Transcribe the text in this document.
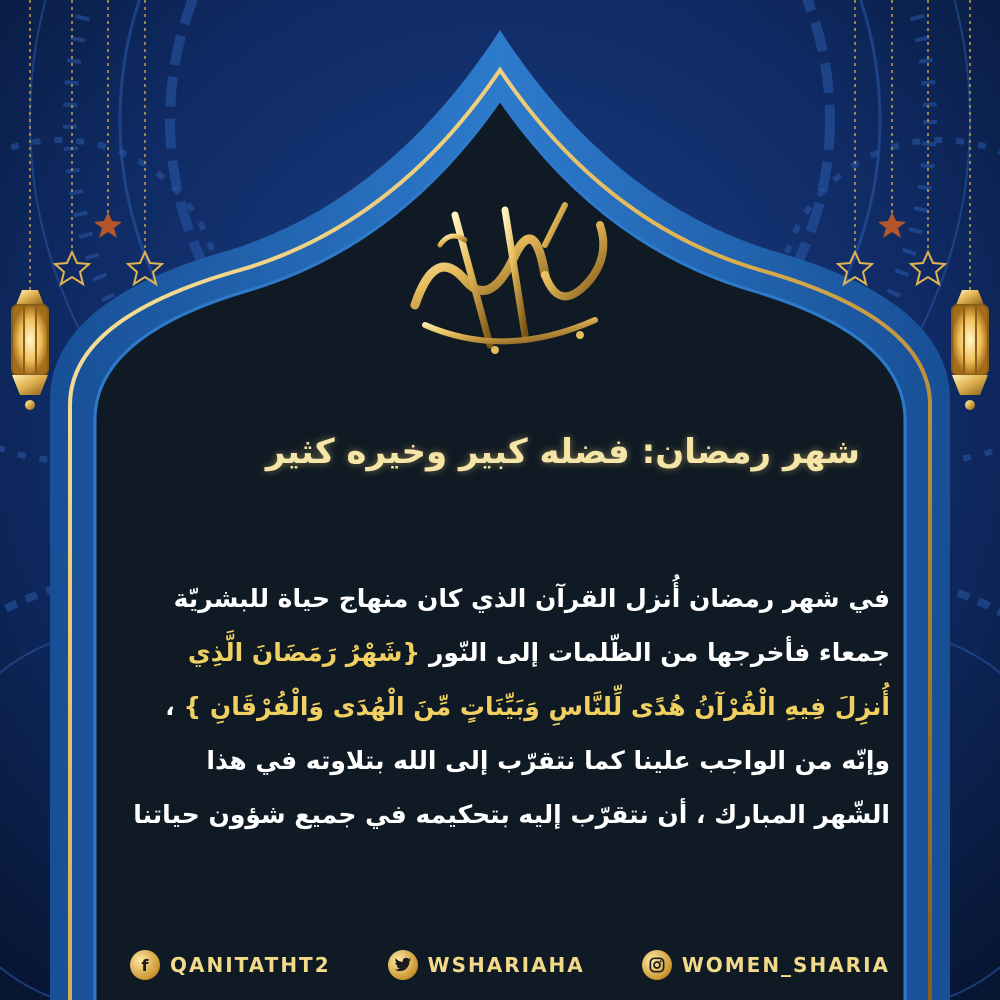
شهر رمضان: فضله كبير وخيره كثير
في شهر رمضان أُنزل القرآن الذي كان منهاج حياة للبشريّة
جمعاء فأخرجها من الظّلمات إلى النّور {شَهْرُ رَمَضَانَ الَّذِي
أُنزِلَ فِيهِ الْقُرْآنُ هُدًى لِّلنَّاسِ وَبَيِّنَاتٍ مِّنَ الْهُدَى وَالْفُرْقَانِ } ،
وإنّه من الواجب علينا كما نتقرّب إلى الله بتلاوته في هذا
الشّهر المبارك ، أن نتقرّب إليه بتحكيمه في جميع شؤون حياتنا
f	QANITATHT2	WSHARIAHA	WOMEN_SHARIA
